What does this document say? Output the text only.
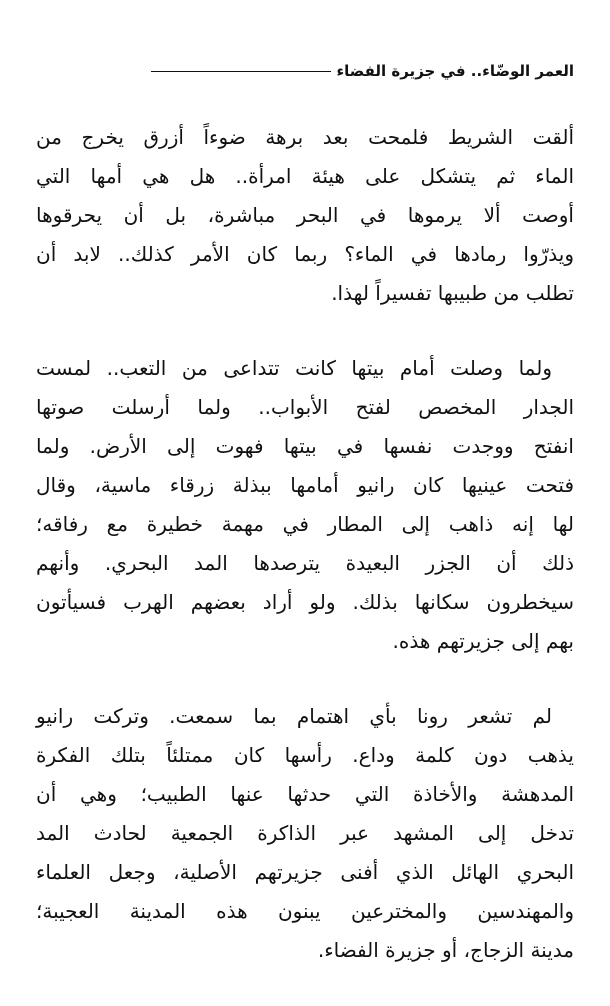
العمر الوضّاء.. في جزيرة الفضاء

ألقت الشريط فلمحت بعد برهة ضوءاً أزرق يخرج من
الماء ثم يتشكل على هيئة امرأة.. هل هي أمها التي
أوصت ألا يرموها في البحر مباشرة، بل أن يحرقوها
ويذرّوا رمادها في الماء؟ ربما كان الأمر كذلك.. لابد أن
تطلب من طبيبها تفسيراً لهذا.

ولما وصلت أمام بيتها كانت تتداعى من التعب.. لمست
الجدار المخصص لفتح الأبواب.. ولما أرسلت صوتها
انفتح ووجدت نفسها في بيتها فهوت إلى الأرض. ولما
فتحت عينيها كان رانيو أمامها ببذلة زرقاء ماسية، وقال
لها إنه ذاهب إلى المطار في مهمة خطيرة مع رفاقه؛
ذلك أن الجزر البعيدة يترصدها المد البحري. وأنهم
سيخطرون سكانها بذلك. ولو أراد بعضهم الهرب فسيأتون
بهم إلى جزيرتهم هذه.

لم تشعر رونا بأي اهتمام بما سمعت. وتركت رانيو
يذهب دون كلمة وداع. رأسها كان ممتلئاً بتلك الفكرة
المدهشة والأخاذة التي حدثها عنها الطبيب؛ وهي أن
تدخل إلى المشهد عبر الذاكرة الجمعية لحادث المد
البحري الهائل الذي أفنى جزيرتهم الأصلية، وجعل العلماء
والمهندسين والمخترعين يبنون هذه المدينة العجيبة؛
مدينة الزجاج، أو جزيرة الفضاء.
